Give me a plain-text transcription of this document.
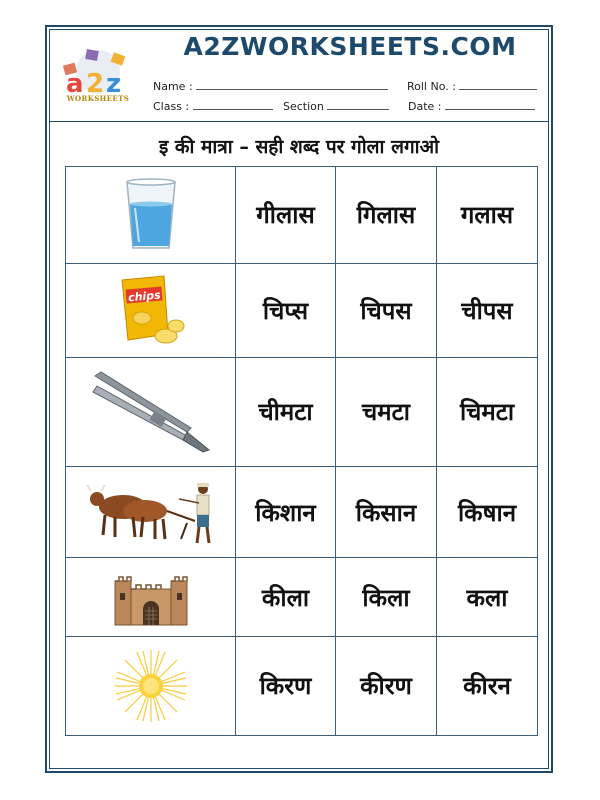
a 2 z
WORKSHEETS
A2ZWORKSHEETS.COM
Name :	Roll No. :
Class :	Section	Date :
इ की मात्रा – सही शब्द पर गोला लगाओ
	गीलास	गिलास	गलास

chips	चिप्स	चिपस	चीपस

	चीमटा	चमटा	चिमटा

	किशान	किसान	किषान

	कीला	किला	कला

	किरण	कीरण	कीरन
